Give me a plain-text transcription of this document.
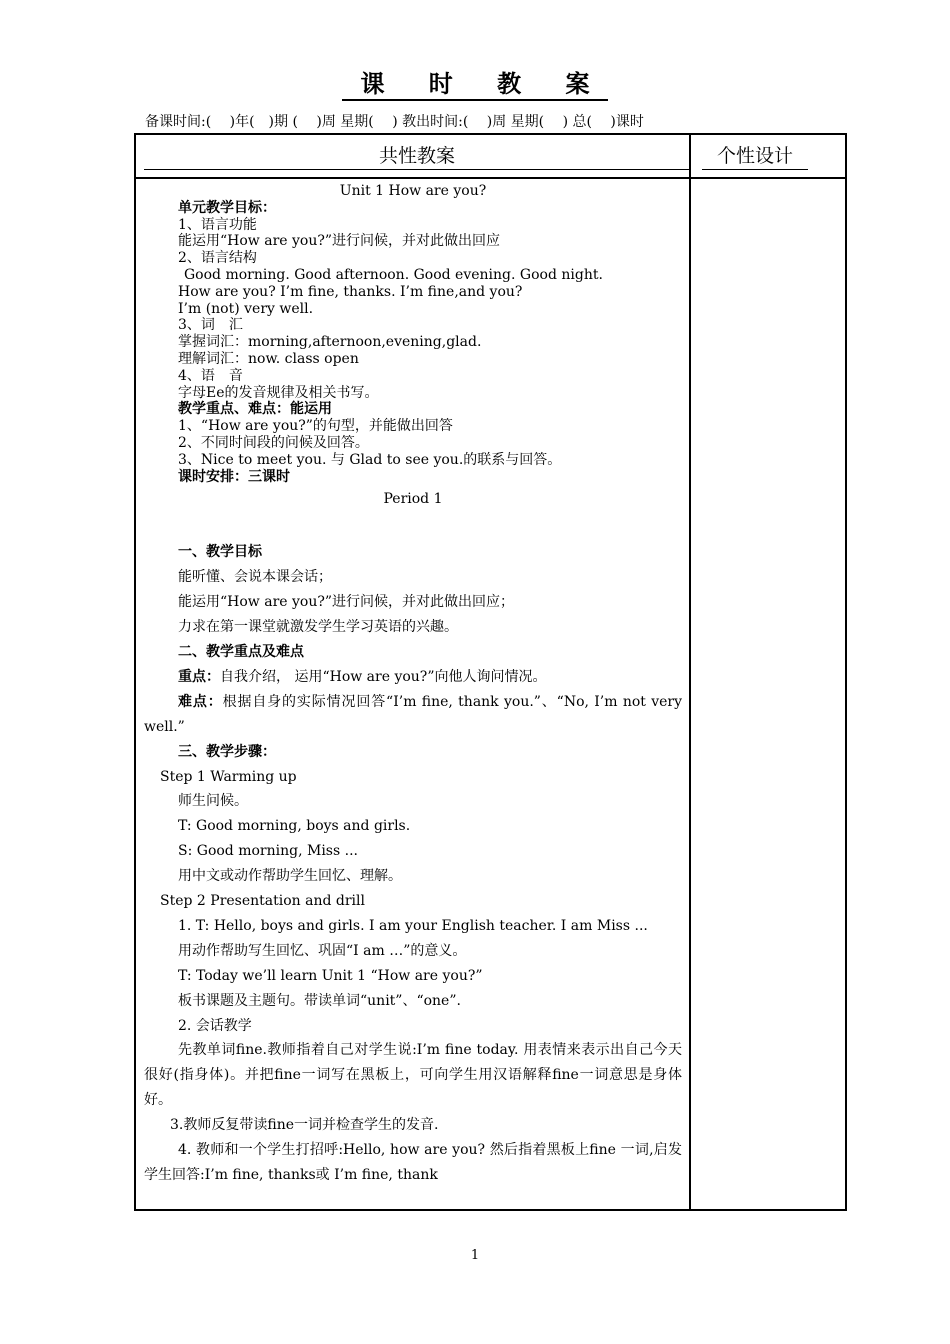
课 时 教 案
备课时间:(　 )年(　)期 (　 )周 星期(　 ) 教出时间:(　 )周 星期(　 ) 总(　 )课时
共性教案	个性设计
Unit 1 How are you?
单元教学目标：
1、语言功能
能运用“How are you?”进行问候，并对此做出回应
2、语言结构
Good morning. Good afternoon. Good evening. Good night.
How are you? I’m fine, thanks. I’m fine,and you?
I’m (not) very well.
3、词　汇
掌握词汇：morning,afternoon,evening,glad.
理解词汇：now. class open
4、语　音
字母Ee的发音规律及相关书写。
教学重点、难点：能运用
1、“How are you?”的句型，并能做出回答
2、不同时间段的问候及回答。
3、Nice to meet you. 与 Glad to see you.的联系与回答。
课时安排：三课时
Period 1
一、教学目标
能听懂、会说本课会话；
能运用“How are you?”进行问候，并对此做出回应；
力求在第一课堂就激发学生学习英语的兴趣。
二、教学重点及难点
重点：自我介绍， 运用“How are you?”向他人询问情况。
难点：根据自身的实际情况回答“I’m fine, thank you.”、“No, I’m not very well.”
三、教学步骤：
Step 1 Warming up
师生问候。
T: Good morning, boys and girls.
S: Good morning, Miss ...
用中文或动作帮助学生回忆、理解。
Step 2 Presentation and drill
1. T: Hello, boys and girls. I am your English teacher. I am Miss ...
用动作帮助写生回忆、巩固“I am …”的意义。
T: Today we’ll learn Unit 1 “How are you?”
板书课题及主题句。带读单词“unit”、“one”.
2. 会话教学
先教单词fine.教师指着自己对学生说:I’m fine today. 用表情来表示出自己今天很好(指身体)。并把fine一词写在黑板上，可向学生用汉语解释fine一词意思是身体好。
3.教师反复带读fine一词并检查学生的发音.
4. 教师和一个学生打招呼:Hello, how are you? 然后指着黑板上fine 一词,启发学生回答:I’m fine, thanks或 I’m fine, thank
1
